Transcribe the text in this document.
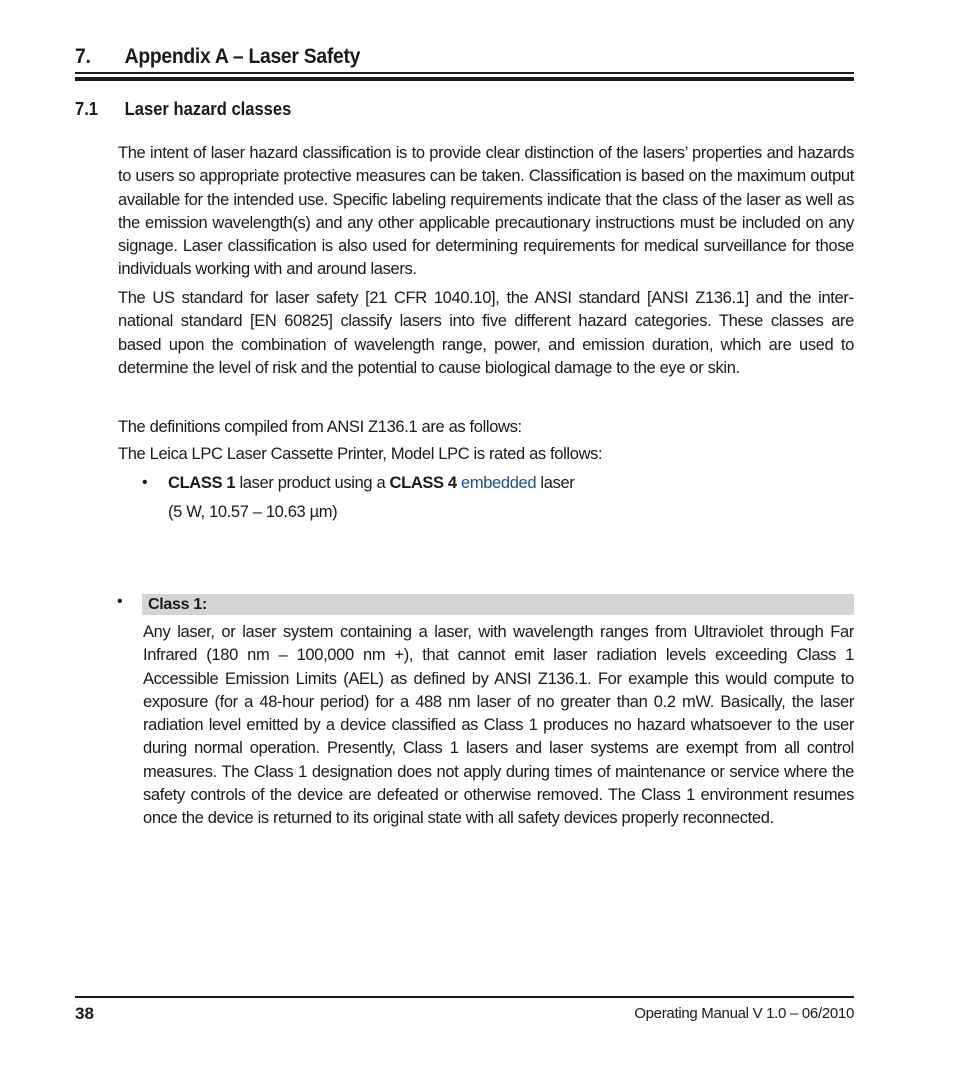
7. Appendix A – Laser Safety
7.1 Laser hazard classes

The intent of laser hazard classification is to provide clear distinction of the lasers’ properties and hazards to users so appropriate protective measures can be taken. Classification is based on the maximum output available for the intended use. Specific labeling requirements indicate that the class of the laser as well as the emission wavelength(s) and any other applicable precautionary instructions must be included on any signage. Laser classification is also used for determining requirements for medical surveillance for those individuals working with and around lasers.

The US standard for laser safety [21 CFR 1040.10], the ANSI standard [ANSI Z136.1] and the international standard [EN 60825] classify lasers into five different hazard categories. These classes are based upon the combination of wavelength range, power, and emission duration, which are used to determine the level of risk and the potential to cause biological damage to the eye or skin.

The definitions compiled from ANSI Z136.1 are as follows:
The Leica LPC Laser Cassette Printer, Model LPC is rated as follows:
• CLASS 1 laser product using a CLASS 4 embedded laser
(5 W, 10.57 – 10.63 µm)
• Class 1:

Any laser, or laser system containing a laser, with wavelength ranges from Ultraviolet through Far Infrared (180 nm – 100,000 nm +), that cannot emit laser radiation levels exceeding Class 1 Accessible Emission Limits (AEL) as defined by ANSI Z136.1. For example this would compute to exposure (for a 48-hour period) for a 488 nm laser of no greater than 0.2 mW. Basically, the laser radiation level emitted by a device classified as Class 1 produces no hazard whatsoever to the user during normal operation. Presently, Class 1 lasers and laser systems are exempt from all control measures. The Class 1 designation does not apply during times of maintenance or service where the safety controls of the device are defeated or otherwise removed. The Class 1 environment resumes once the device is returned to its original state with all safety devices properly reconnected.

38	Operating Manual V 1.0 – 06/2010
